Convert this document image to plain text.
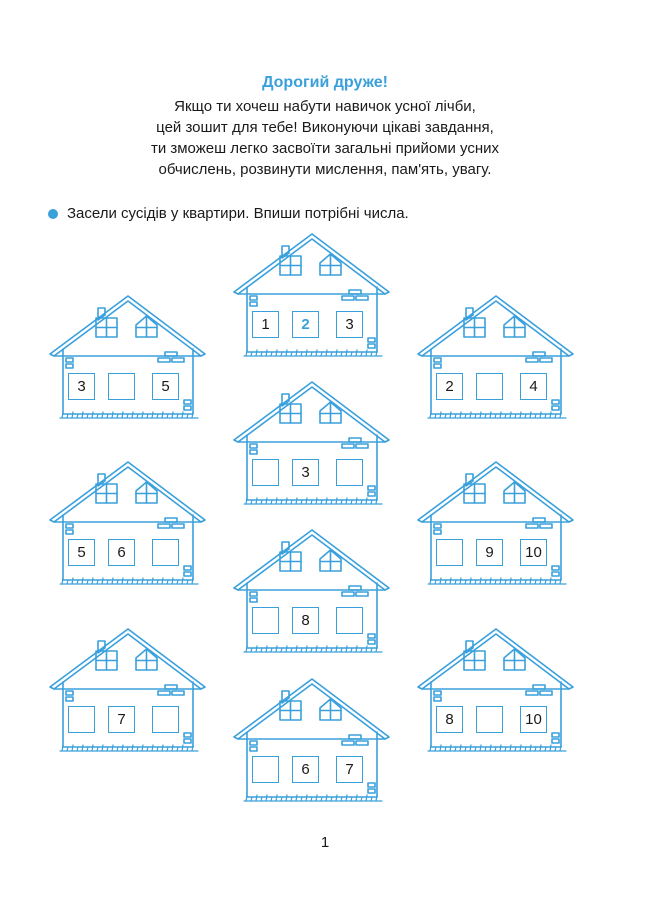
Дорогий друже!
Якщо ти хочеш набути навичок усної лічби,
цей зошит для тебе! Виконуючи цікаві завдання,
ти зможеш легко засвоїти загальні прийоми усних
обчислень, розвинути мислення, пам'ять, увагу.
Засели сусідів у квартири. Впиши потрібні числа.
3	5
1	2	3
2	4
3
5	6	9	10
8
7	8	10
6	7
1
